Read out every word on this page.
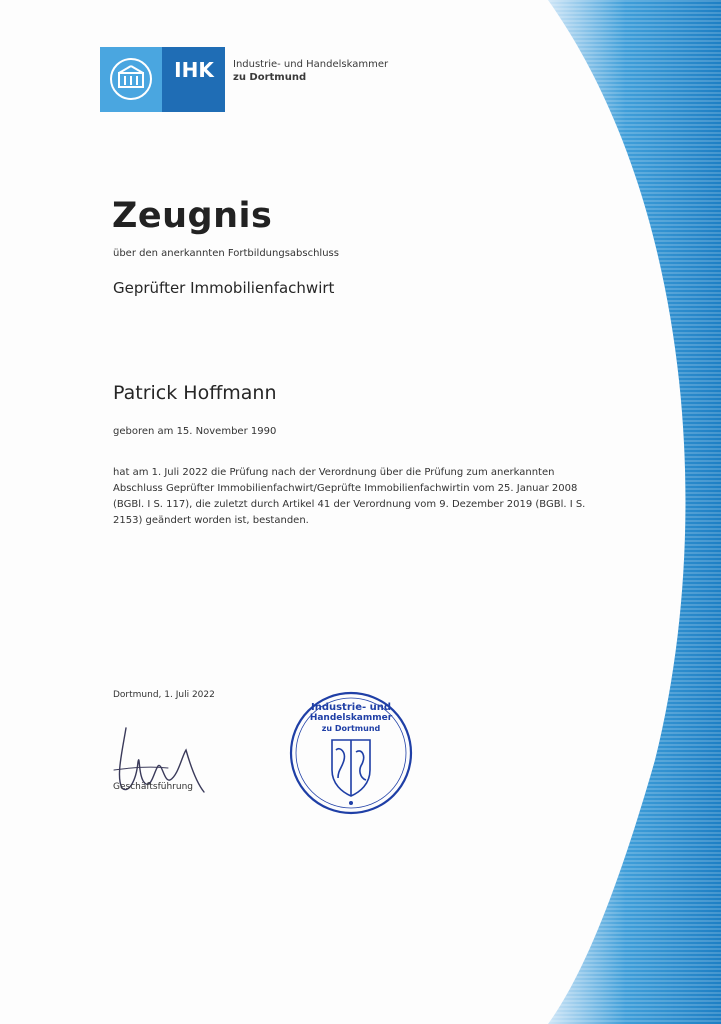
IHK Industrie- und Handelskammer
zu Dortmund
Zeugnis
über den anerkannten Fortbildungsabschluss
Geprüfter Immobilienfachwirt
Patrick Hoffmann
geboren am 15. November 1990
hat am 1. Juli 2022 die Prüfung nach der Verordnung über die Prüfung zum anerkannten
Abschluss Geprüfter Immobilienfachwirt/Geprüfte Immobilienfachwirtin vom 25. Januar 2008
(BGBl. I S. 117), die zuletzt durch Artikel 41 der Verordnung vom 9. Dezember 2019 (BGBl. I S.
2153) geändert worden ist, bestanden.
Dortmund, 1. Juli 2022
Geschäftsführung
Industrie- und
Handelskammer
zu Dortmund
